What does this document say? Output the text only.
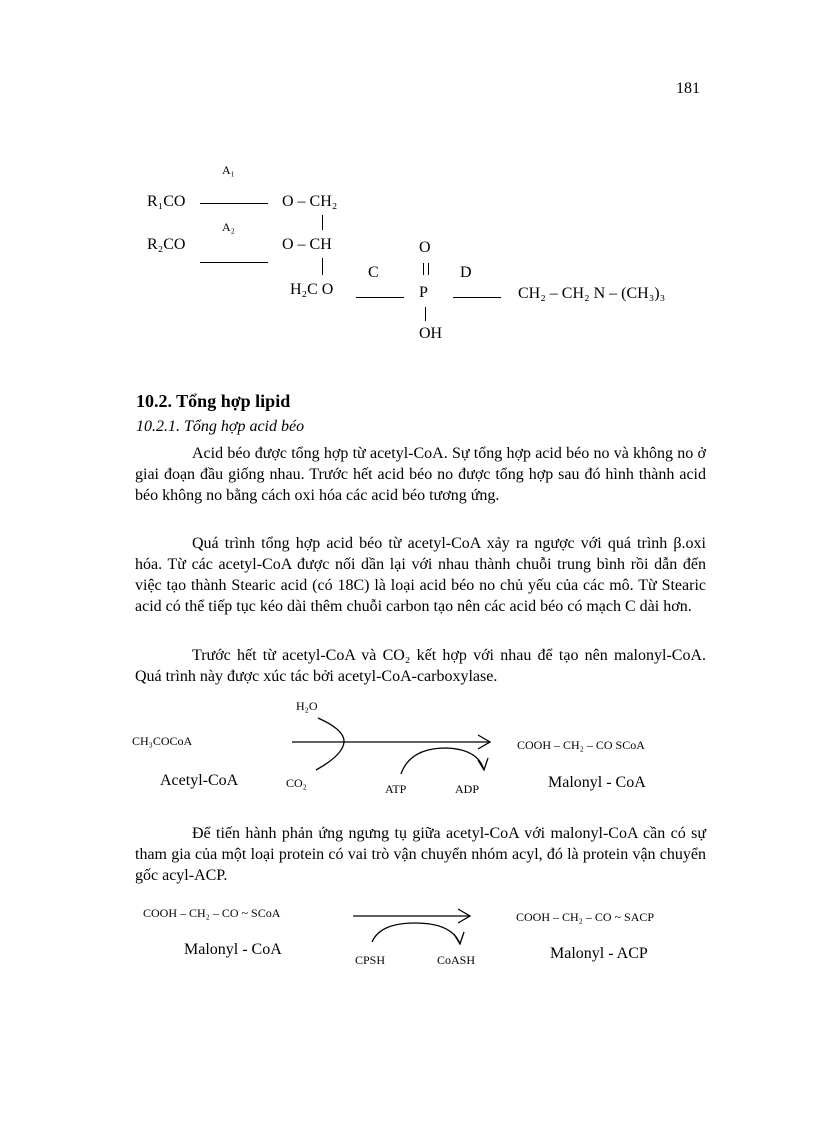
181
A₁
R₁CO	O – CH₂
A₂
R₂CO	O – CH
H₂C O
C
O
P
D
CH₂ – CH₂ N – (CH₃)₃
OH
10.2. Tổng hợp lipid
10.2.1. Tổng hợp acid béo

Acid béo được tổng hợp từ acetyl-CoA. Sự tổng hợp acid béo no và không no ở giai đoạn đầu giống nhau. Trước hết acid béo no được tổng hợp sau đó hình thành acid béo không no bằng cách oxi hóa các acid béo tương ứng.

Quá trình tổng hợp acid béo từ acetyl-CoA xảy ra ngược với quá trình β.oxi hóa. Từ các acetyl-CoA được nối dần lại với nhau thành chuỗi trung bình rồi dẫn đến việc tạo thành Stearic acid (có 18C) là loại acid béo no chủ yếu của các mô. Từ Stearic acid có thể tiếp tục kéo dài thêm chuỗi carbon tạo nên các acid béo có mạch C dài hơn.

Trước hết từ acetyl-CoA và CO₂ kết hợp với nhau để tạo nên malonyl-CoA. Quá trình này được xúc tác bởi acetyl-CoA-carboxylase.

H₂O
CH₃COCoA	COOH – CH₂ – CO SCoA
Acetyl-CoA	CO₂	ATP	ADP	Malonyl - CoA

Để tiến hành phản ứng ngưng tụ giữa acetyl-CoA với malonyl-CoA cần có sự tham gia của một loại protein có vai trò vận chuyển nhóm acyl, đó là protein vận chuyển gốc acyl-ACP.

COOH – CH₂ – CO ~ SCoA	COOH – CH₂ – CO ~ SACP
Malonyl - CoA
CPSH	CoASH	Malonyl - ACP
